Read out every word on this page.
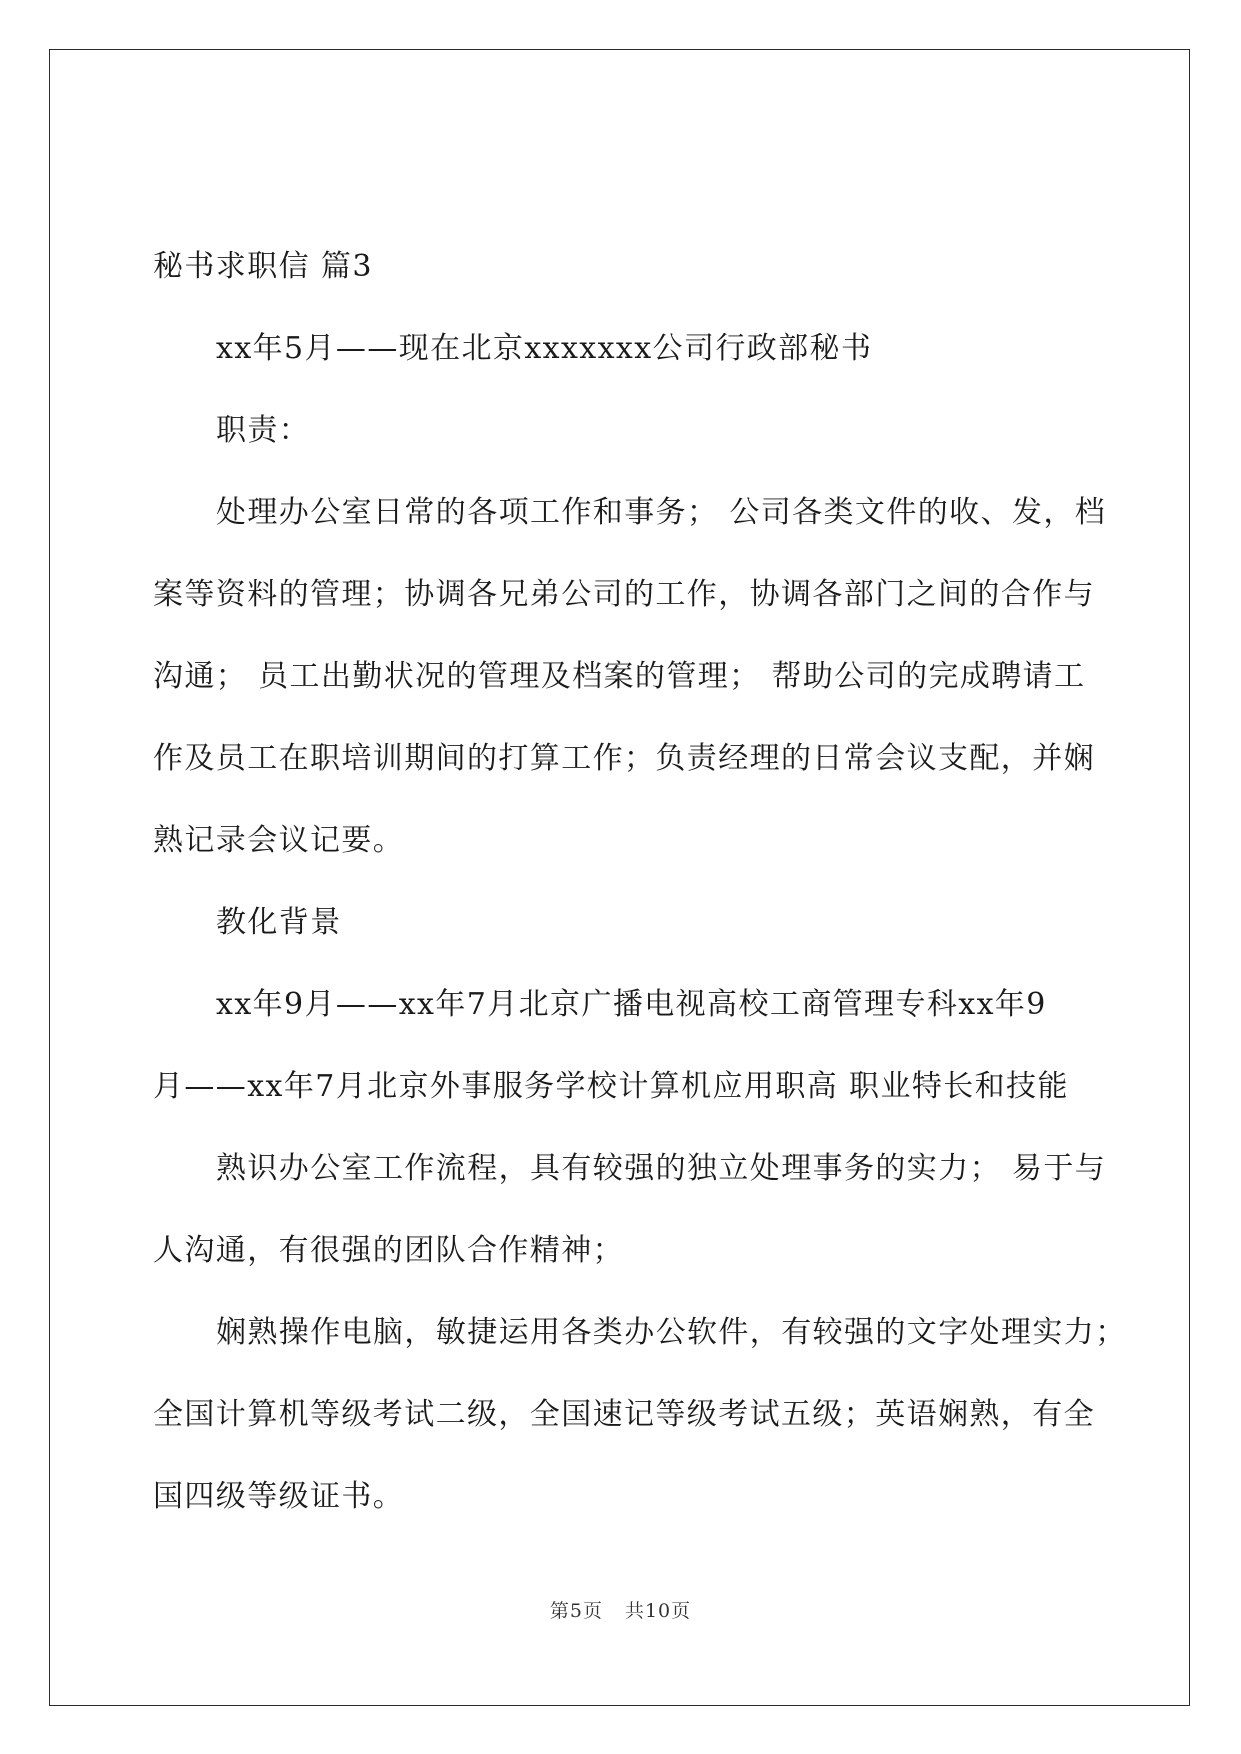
秘书求职信 篇3
xx年5月——现在北京xxxxxxx公司行政部秘书
职责：
处理办公室日常的各项工作和事务； 公司各类文件的收、发，档
案等资料的管理；协调各兄弟公司的工作，协调各部门之间的合作与
沟通； 员工出勤状况的管理及档案的管理； 帮助公司的完成聘请工
作及员工在职培训期间的打算工作；负责经理的日常会议支配，并娴
熟记录会议记要。
教化背景
xx年9月——xx年7月北京广播电视高校工商管理专科xx年9
月——xx年7月北京外事服务学校计算机应用职高 职业特长和技能
熟识办公室工作流程，具有较强的独立处理事务的实力； 易于与
人沟通，有很强的团队合作精神；
娴熟操作电脑，敏捷运用各类办公软件，有较强的文字处理实力；
全国计算机等级考试二级，全国速记等级考试五级；英语娴熟，有全
国四级等级证书。
第5页 共10页
